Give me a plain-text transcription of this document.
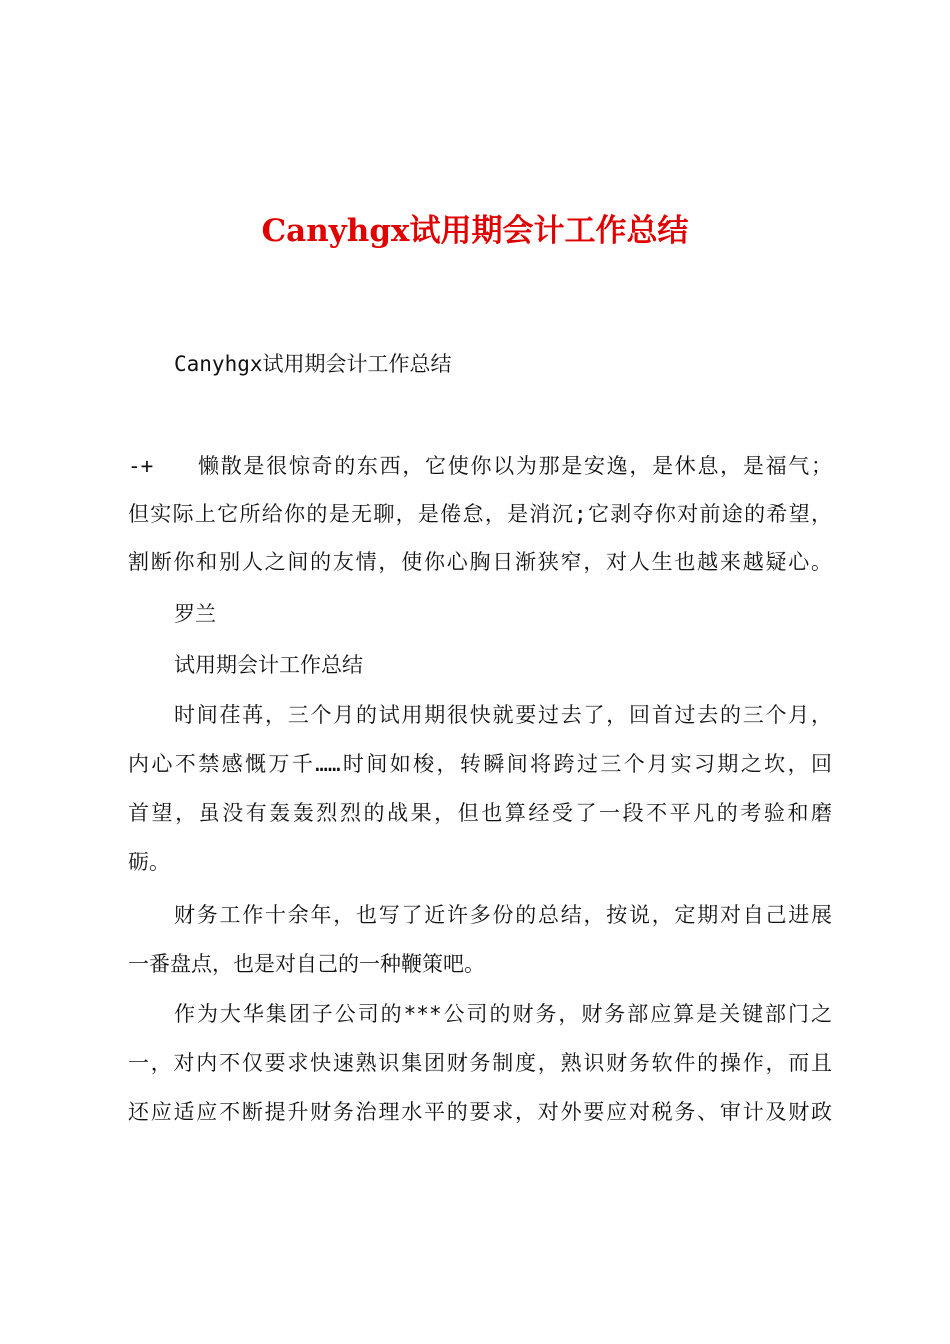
Canyhgx试用期会计工作总结
Canyhgx试用期会计工作总结
-+ 懒散是很惊奇的东西，它使你以为那是安逸，是休息，是福气；
但实际上它所给你的是无聊，是倦怠，是消沉;它剥夺你对前途的希望，
割断你和别人之间的友情，使你心胸日渐狭窄，对人生也越来越疑心。
罗兰
试用期会计工作总结
时间荏苒，三个月的试用期很快就要过去了，回首过去的三个月，
内心不禁感慨万千……时间如梭，转瞬间将跨过三个月实习期之坎，回
首望，虽没有轰轰烈烈的战果，但也算经受了一段不平凡的考验和磨
砺。
财务工作十余年，也写了近许多份的总结，按说，定期对自己进展
一番盘点，也是对自己的一种鞭策吧。
作为大华集团子公司的***公司的财务，财务部应算是关键部门之
一，对内不仅要求快速熟识集团财务制度，熟识财务软件的操作，而且
还应适应不断提升财务治理水平的要求，对外要应对税务、审计及财政
